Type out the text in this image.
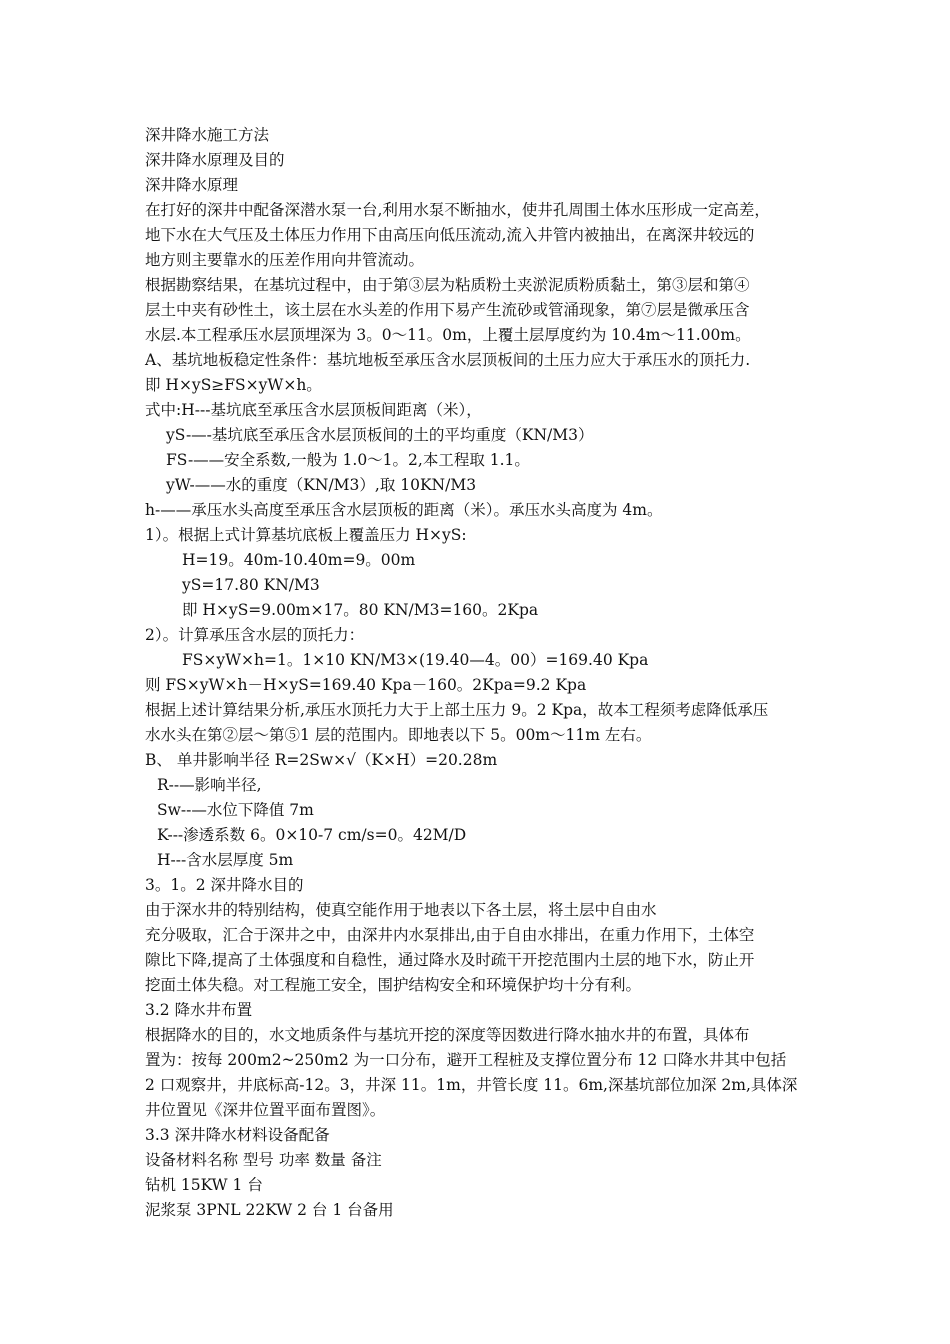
深井降水施工方法
深井降水原理及目的
深井降水原理
在打好的深井中配备深潜水泵一台,利用水泵不断抽水，使井孔周围土体水压形成一定高差，
地下水在大气压及土体压力作用下由高压向低压流动,流入井管内被抽出，在离深井较远的
地方则主要靠水的压差作用向井管流动。
根据勘察结果，在基坑过程中，由于第③层为粘质粉土夹淤泥质粉质黏土，第③层和第④
层土中夹有砂性土，该土层在水头差的作用下易产生流砂或管涌现象，第⑦层是微承压含
水层.本工程承压水层顶埋深为 3。0～11。0m，上覆土层厚度约为 10.4m～11.00m。
A、基坑地板稳定性条件：基坑地板至承压含水层顶板间的土压力应大于承压水的顶托力.
即 H×yS≥FS×yW×h。
式中:H---基坑底至承压含水层顶板间距离（米），
yS-—-基坑底至承压含水层顶板间的土的平均重度（KN/M3）
FS-——安全系数,一般为 1.0～1。2,本工程取 1.1。
yW-——水的重度（KN/M3）,取 10KN/M3
h-——承压水头高度至承压含水层顶板的距离（米）。承压水头高度为 4m。
1）。根据上式计算基坑底板上覆盖压力 H×yS:
H=19。40m-10.40m=9。00m
yS=17.80 KN/M3
即 H×yS=9.00m×17。80 KN/M3=160。2Kpa
2）。计算承压含水层的顶托力：
FS×yW×h=1。1×10 KN/M3×(19.40—4。00）=169.40 Kpa
则 FS×yW×h－H×yS=169.40 Kpa－160。2Kpa=9.2 Kpa
根据上述计算结果分析,承压水顶托力大于上部土压力 9。2 Kpa，故本工程须考虑降低承压
水水头在第②层～第⑤1 层的范围内。即地表以下 5。00m～11m 左右。
B、 单井影响半径 R=2Sw×√（K×H）=20.28m
R--—影响半径,
Sw--—水位下降值 7m
K---渗透系数 6。0×10-7 cm/s=0。42M/D
H---含水层厚度 5m
3。1。2 深井降水目的
由于深水井的特别结构，使真空能作用于地表以下各土层，将土层中自由水
充分吸取，汇合于深井之中，由深井内水泵排出,由于自由水排出，在重力作用下，土体空
隙比下降,提高了土体强度和自稳性，通过降水及时疏干开挖范围内土层的地下水，防止开
挖面土体失稳。对工程施工安全，围护结构安全和环境保护均十分有利。
3.2 降水井布置
根据降水的目的，水文地质条件与基坑开挖的深度等因数进行降水抽水井的布置，具体布
置为：按每 200m2~250m2 为一口分布，避开工程桩及支撑位置分布 12 口降水井其中包括
2 口观察井，井底标高-12。3，井深 11。1m，井管长度 11。6m,深基坑部位加深 2m,具体深
井位置见《深井位置平面布置图》。
3.3 深井降水材料设备配备
设备材料名称 型号 功率 数量 备注
钻机 15KW 1 台
泥浆泵 3PNL 22KW 2 台 1 台备用
